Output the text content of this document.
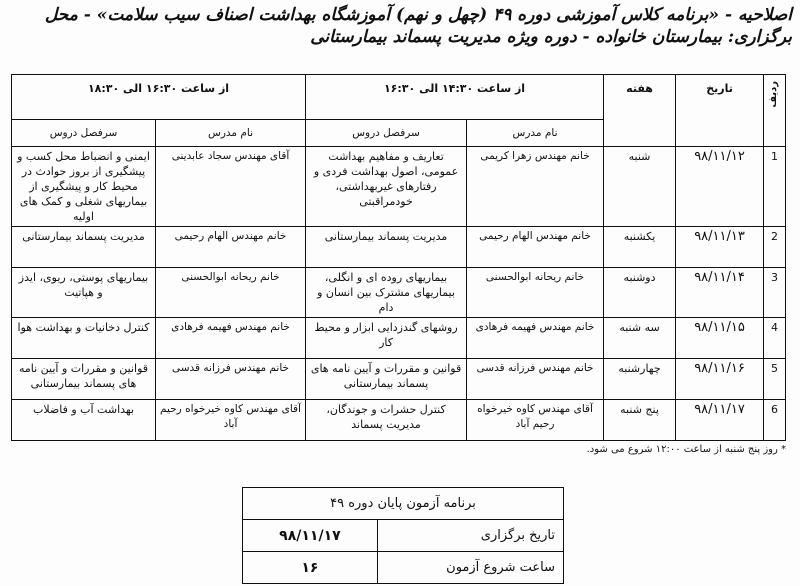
اصلاحیه - «برنامه کلاس آموزشی دوره ۴۹ (چهل و نهم) آموزشگاه بهداشت اصناف سیب سلامت» - محل برگزاری: بیمارستان خانواده - دوره ویژه مدیریت پسماند بیمارستانی
ردیف	تاریخ	هفته	از ساعت ۱۴:۳۰ الی ۱۶:۳۰		از ساعت ۱۶:۳۰ الی ۱۸:۳۰	
			نام مدرس	سرفصل دروس	نام مدرس	سرفصل دروس
1	۹۸/۱۱/۱۲	شنبه	خانم مهندس زهرا کریمی	تعاریف و مفاهیم بهداشت عمومی، اصول بهداشت فردی و رفتارهای غیربهداشتی، خودمراقبتی	آقای مهندس سجاد عابدینی	ایمنی و انضباط محل کسب و پیشگیری از بروز حوادث در محیط کار و پیشگیری از بیماریهای شغلی و کمک های اولیه
2	۹۸/۱۱/۱۳	یکشنبه	خانم مهندس الهام رحیمی	مدیریت پسماند بیمارستانی	خانم مهندس الهام رحیمی	مدیریت پسماند بیمارستانی
3	۹۸/۱۱/۱۴	دوشنبه	خانم ریحانه ابوالحسنی	بیماریهای روده ای و انگلی، بیماریهای مشترک بین انسان و دام	خانم ریحانه ابوالحسنی	بیماریهای پوستی، ریوی، ایدز و هپاتیت
4	۹۸/۱۱/۱۵	سه شنبه	خانم مهندس فهیمه فرهادی	روشهای گندزدایی ابزار و محیط کار	خانم مهندس فهیمه فرهادی	کنترل دخانیات و بهداشت هوا
5	۹۸/۱۱/۱۶	چهارشنبه	خانم مهندس فرزانه قدسی	قوانین و مقررات و آیین نامه های پسماند بیمارستانی	خانم مهندس فرزانه قدسی	قوانین و مقررات و آیین نامه های پسماند بیمارستانی
6	۹۸/۱۱/۱۷	پنج شنبه	آقای مهندس کاوه خیرخواه رحیم آباد	کنترل حشرات و جوندگان، مدیریت پسماند	آقای مهندس کاوه خیرخواه رحیم آباد	بهداشت آب و فاضلاب
* روز پنج شنبه از ساعت ۱۲:۰۰ شروع می شود.
برنامه آزمون پایان دوره ۴۹	
تاریخ برگزاری	۹۸/۱۱/۱۷
ساعت شروع آزمون	۱۶
